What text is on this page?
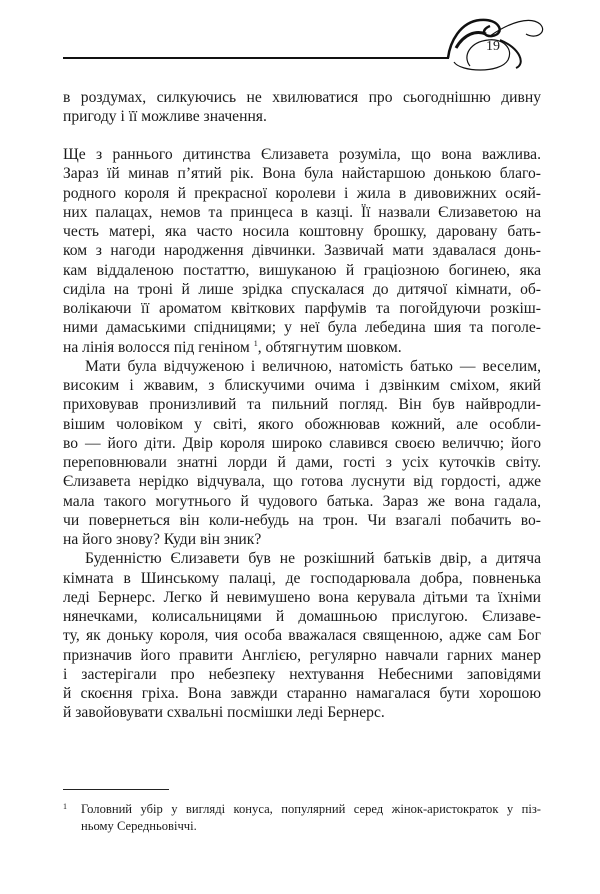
19
в роздумах, силкуючись не хвилюватися про сьогоднішню дивну
пригоду і її можливе значення.
Ще з раннього дитинства Єлизавета розуміла, що вона важлива.
Зараз їй минав п’ятий рік. Вона була найстаршою донькою благо-
родного короля й прекрасної королеви і жила в дивовижних осяй-
них палацах, немов та принцеса в казці. Її назвали Єлизаветою на
честь матері, яка часто носила коштовну брошку, даровану бать-
ком з нагоди народження дівчинки. Зазвичай мати здавалася донь-
кам віддаленою постаттю, вишуканою й граціозною богинею, яка
сиділа на троні й лише зрідка спускалася до дитячої кімнати, об-
волікаючи її ароматом квіткових парфумів та погойдуючи розкіш-
ними дамаськими спідницями; у неї була лебедина шия та поголе-
на лінія волосся під геніном $^1$, обтягнутим шовком.
Мати була відчуженою і величною, натомість батько — веселим,
високим і жвавим, з блискучими очима і дзвінким сміхом, який
приховував пронизливий та пильний погляд. Він був найвродли-
вішим чоловіком у світі, якого обожнював кожний, але особли-
во — його діти. Двір короля широко славився своєю величчю; його
переповнювали знатні лорди й дами, гості з усіх куточків світу.
Єлизавета нерідко відчувала, що готова луснути від гордості, адже
мала такого могутнього й чудового батька. Зараз же вона гадала,
чи повернеться він коли-небудь на трон. Чи взагалі побачить во-
на його знову? Куди він зник?
Буденністю Єлизавети був не розкішний батьків двір, а дитяча
кімната в Шинському палаці, де господарювала добра, повненька
леді Бернерс. Легко й невимушено вона керувала дітьми та їхніми
нянечками, колисальницями й домашньою прислугою. Єлизаве-
ту, як доньку короля, чия особа вважалася священною, адже сам Бог
призначив його правити Англією, регулярно навчали гарних манер
і застерігали про небезпеку нехтування Небесними заповідями
й скоєння гріха. Вона завжди старанно намагалася бути хорошою
й завойовувати схвальні посмішки леді Бернерс.
1 Головний убір у вигляді конуса, популярний серед жінок-аристократок у піз-
ньому Середньовіччі.
